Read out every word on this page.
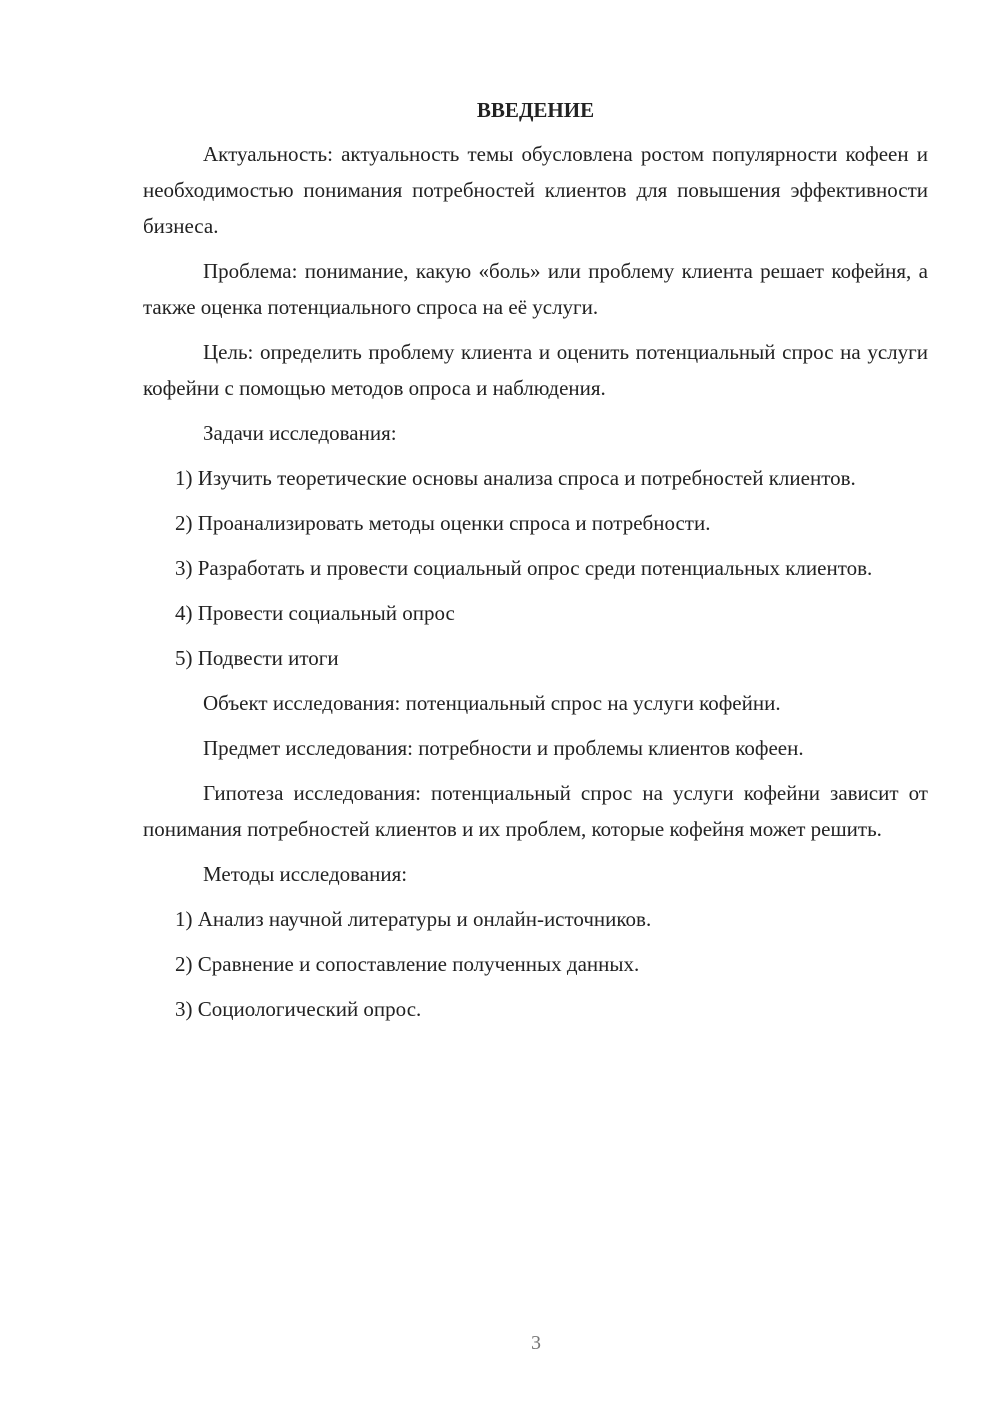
ВВЕДЕНИЕ

Актуальность: актуальность темы обусловлена ростом популярности кофеен и необходимостью понимания потребностей клиентов для повышения эффективности бизнеса.

Проблема: понимание, какую «боль» или проблему клиента решает кофейня, а также оценка потенциального спроса на её услуги.

Цель: определить проблему клиента и оценить потенциальный спрос на услуги кофейни с помощью методов опроса и наблюдения.

Задачи исследования:

1) Изучить теоретические основы анализа спроса и потребностей клиентов.

2) Проанализировать методы оценки спроса и потребности.

3) Разработать и провести социальный опрос среди потенциальных клиентов.

4) Провести социальный опрос

5) Подвести итоги

Объект исследования: потенциальный спрос на услуги кофейни.

Предмет исследования: потребности и проблемы клиентов кофеен.

Гипотеза исследования: потенциальный спрос на услуги кофейни зависит от понимания потребностей клиентов и их проблем, которые кофейня может решить.

Методы исследования:

1) Анализ научной литературы и онлайн-источников.

2) Сравнение и сопоставление полученных данных.

3) Социологический опрос.

3
